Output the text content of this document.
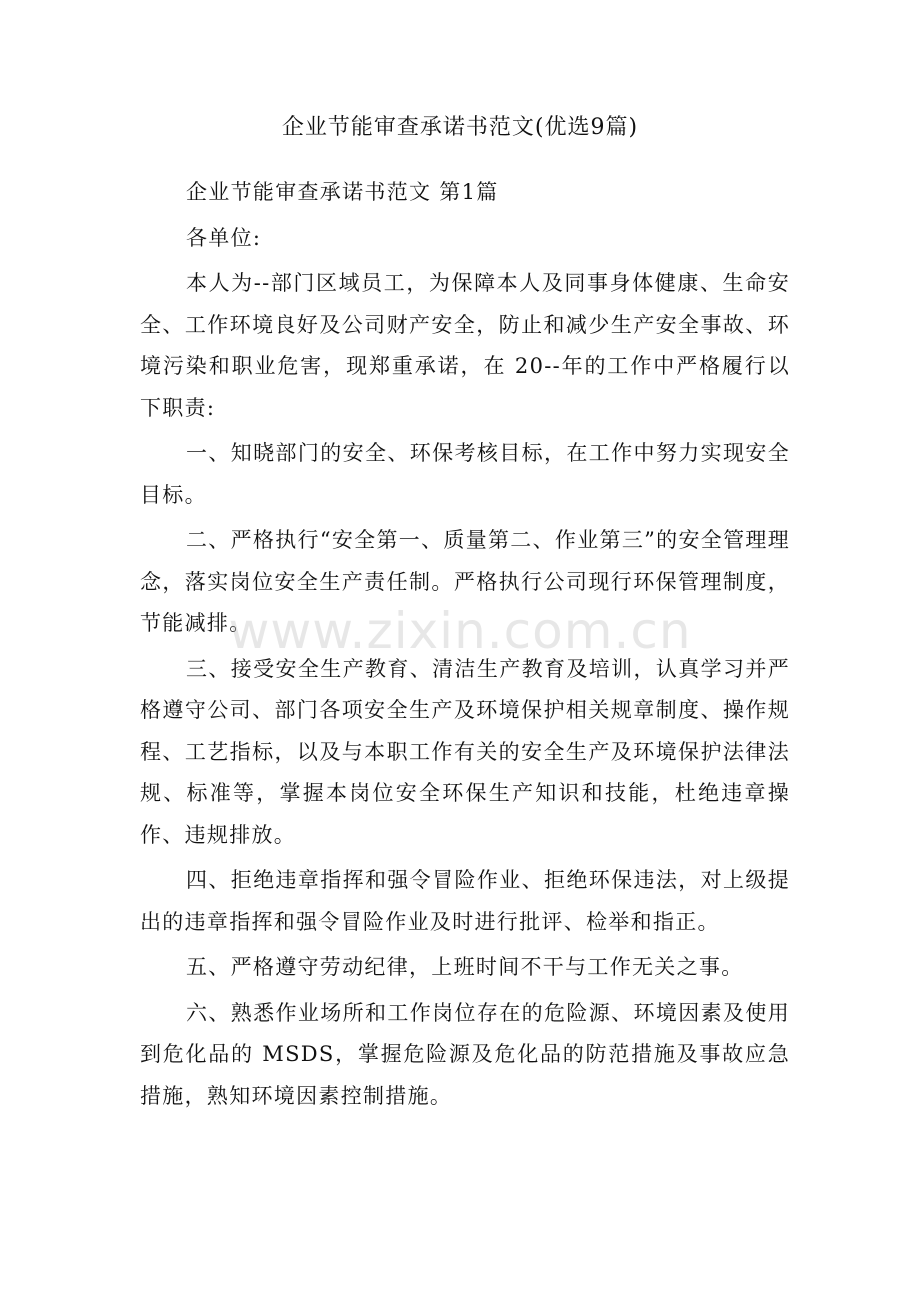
企业节能审查承诺书范文(优选9篇)

企业节能审查承诺书范文 第1篇

各单位:

本人为--部门区域员工，为保障本人及同事身体健康、生命安全、工作环境良好及公司财产安全，防止和减少生产安全事故、环境污染和职业危害，现郑重承诺，在 20--年的工作中严格履行以下职责:

一、知晓部门的安全、环保考核目标，在工作中努力实现安全目标。

二、严格执行“安全第一、质量第二、作业第三”的安全管理理念，落实岗位安全生产责任制。严格执行公司现行环保管理制度，节能减排。

三、接受安全生产教育、清洁生产教育及培训，认真学习并严格遵守公司、部门各项安全生产及环境保护相关规章制度、操作规程、工艺指标，以及与本职工作有关的安全生产及环境保护法律法规、标准等，掌握本岗位安全环保生产知识和技能，杜绝违章操作、违规排放。

四、拒绝违章指挥和强令冒险作业、拒绝环保违法，对上级提出的违章指挥和强令冒险作业及时进行批评、检举和指正。

五、严格遵守劳动纪律，上班时间不干与工作无关之事。

六、熟悉作业场所和工作岗位存在的危险源、环境因素及使用到危化品的 MSDS，掌握危险源及危化品的防范措施及事故应急措施，熟知环境因素控制措施。

www.zixin.com.cn
